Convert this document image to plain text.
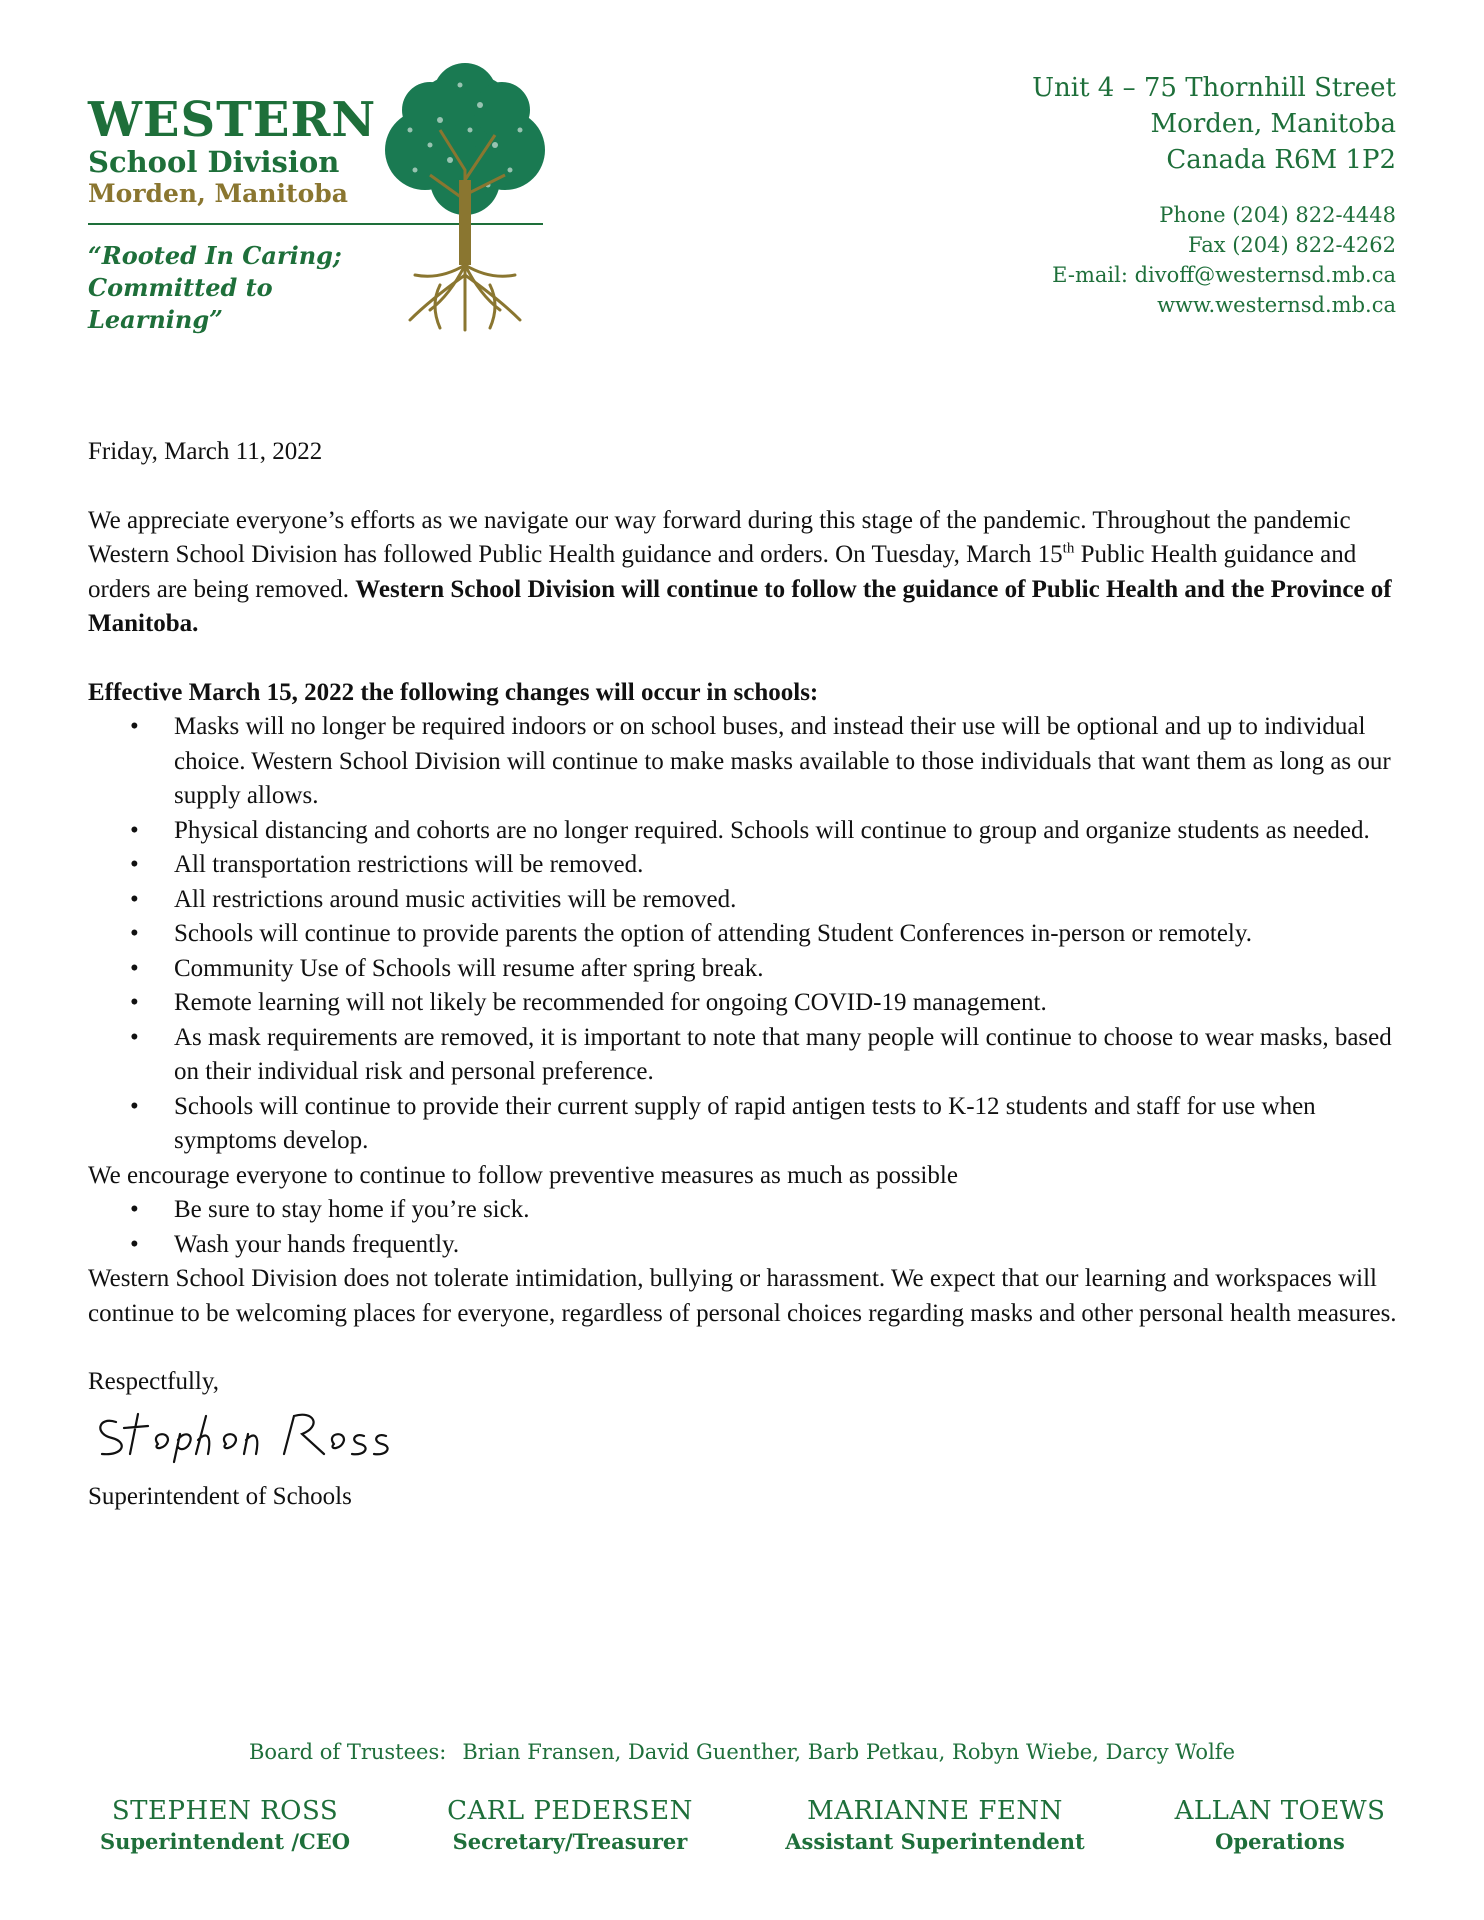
WESTERN
School Division
Morden, Manitoba
“Rooted In Caring;
Committed to Learning”
Unit 4 – 75 Thornhill Street
Morden, Manitoba
Canada R6M 1P2
Phone (204) 822-4448
Fax (204) 822-4262
E-mail: divoff@westernsd.mb.ca
www.westernsd.mb.ca

Friday, March 11, 2022

We appreciate everyone’s efforts as we navigate our way forward during this stage of the pandemic. Throughout the pandemic Western School Division has followed Public Health guidance and orders. On Tuesday, March 15th Public Health guidance and orders are being removed. Western School Division will continue to follow the guidance of Public Health and the Province of Manitoba.

Effective March 15, 2022 the following changes will occur in schools:

• Masks will no longer be required indoors or on school buses, and instead their use will be optional and up to individual choice. Western School Division will continue to make masks available to those individuals that want them as long as our supply allows.
• Physical distancing and cohorts are no longer required. Schools will continue to group and organize students as needed.
• All transportation restrictions will be removed.
• All restrictions around music activities will be removed.
• Schools will continue to provide parents the option of attending Student Conferences in-person or remotely.
• Community Use of Schools will resume after spring break.
• Remote learning will not likely be recommended for ongoing COVID-19 management.
• As mask requirements are removed, it is important to note that many people will continue to choose to wear masks, based on their individual risk and personal preference.
• Schools will continue to provide their current supply of rapid antigen tests to K-12 students and staff for use when symptoms develop.

We encourage everyone to continue to follow preventive measures as much as possible

• Be sure to stay home if you’re sick.
• Wash your hands frequently.

Western School Division does not tolerate intimidation, bullying or harassment. We expect that our learning and workspaces will continue to be welcoming places for everyone, regardless of personal choices regarding masks and other personal health measures.

Respectfully,

Superintendent of Schools

Board of Trustees: Brian Fransen, David Guenther, Barb Petkau, Robyn Wiebe, Darcy Wolfe
STEPHEN ROSS
Superintendent /CEO
CARL PEDERSEN
Secretary/Treasurer
MARIANNE FENN
Assistant Superintendent
ALLAN TOEWS
Operations
